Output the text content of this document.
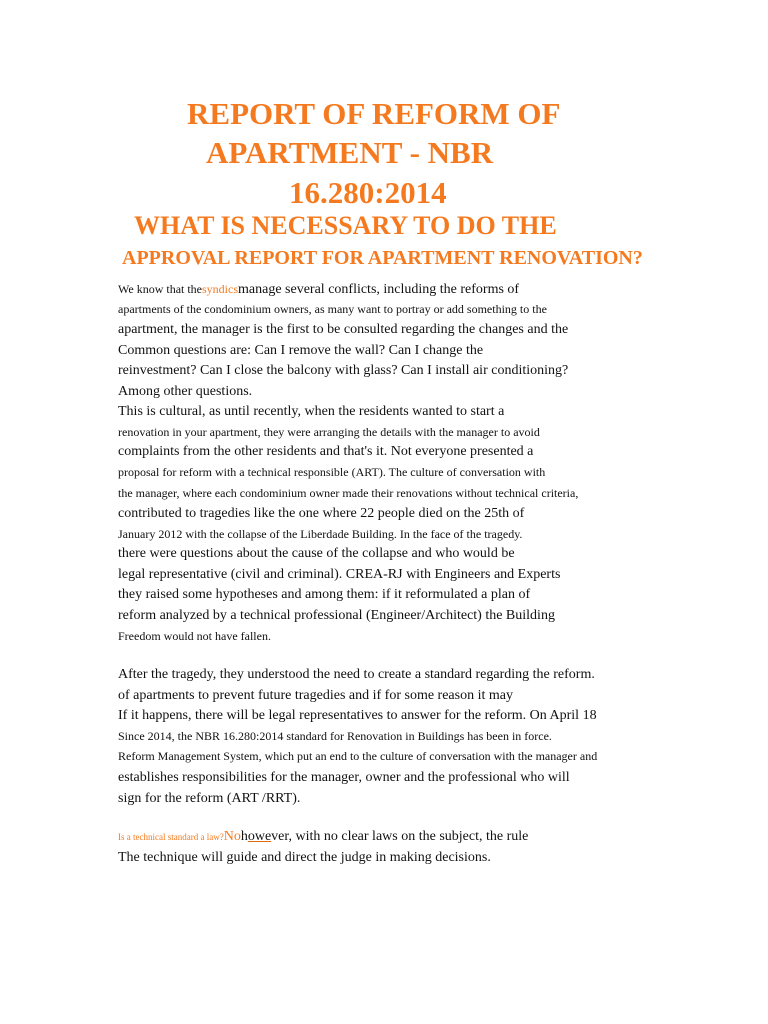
REPORT OF REFORM OF
APARTMENT - NBR
16.280:2014
WHAT IS NECESSARY TO DO THE
APPROVAL REPORT FOR APARTMENT RENOVATION?
We know that thesyndicsmanage several conflicts, including the reforms of
apartments of the condominium owners, as many want to portray or add something to the
apartment, the manager is the first to be consulted regarding the changes and the
Common questions are: Can I remove the wall? Can I change the
reinvestment? Can I close the balcony with glass? Can I install air conditioning?
Among other questions.
This is cultural, as until recently, when the residents wanted to start a
renovation in your apartment, they were arranging the details with the manager to avoid
complaints from the other residents and that's it. Not everyone presented a
proposal for reform with a technical responsible (ART). The culture of conversation with
the manager, where each condominium owner made their renovations without technical criteria,
contributed to tragedies like the one where 22 people died on the 25th of
January 2012 with the collapse of the Liberdade Building. In the face of the tragedy.
there were questions about the cause of the collapse and who would be
legal representative (civil and criminal). CREA-RJ with Engineers and Experts
they raised some hypotheses and among them: if it reformulated a plan of
reform analyzed by a technical professional (Engineer/Architect) the Building
Freedom would not have fallen.
After the tragedy, they understood the need to create a standard regarding the reform.
of apartments to prevent future tragedies and if for some reason it may
If it happens, there will be legal representatives to answer for the reform. On April 18
Since 2014, the NBR 16.280:2014 standard for Renovation in Buildings has been in force.
Reform Management System, which put an end to the culture of conversation with the manager and
establishes responsibilities for the manager, owner and the professional who will
sign for the reform (ART /RRT).
Is a technical standard a law?Nohowever, with no clear laws on the subject, the rule
The technique will guide and direct the judge in making decisions.
